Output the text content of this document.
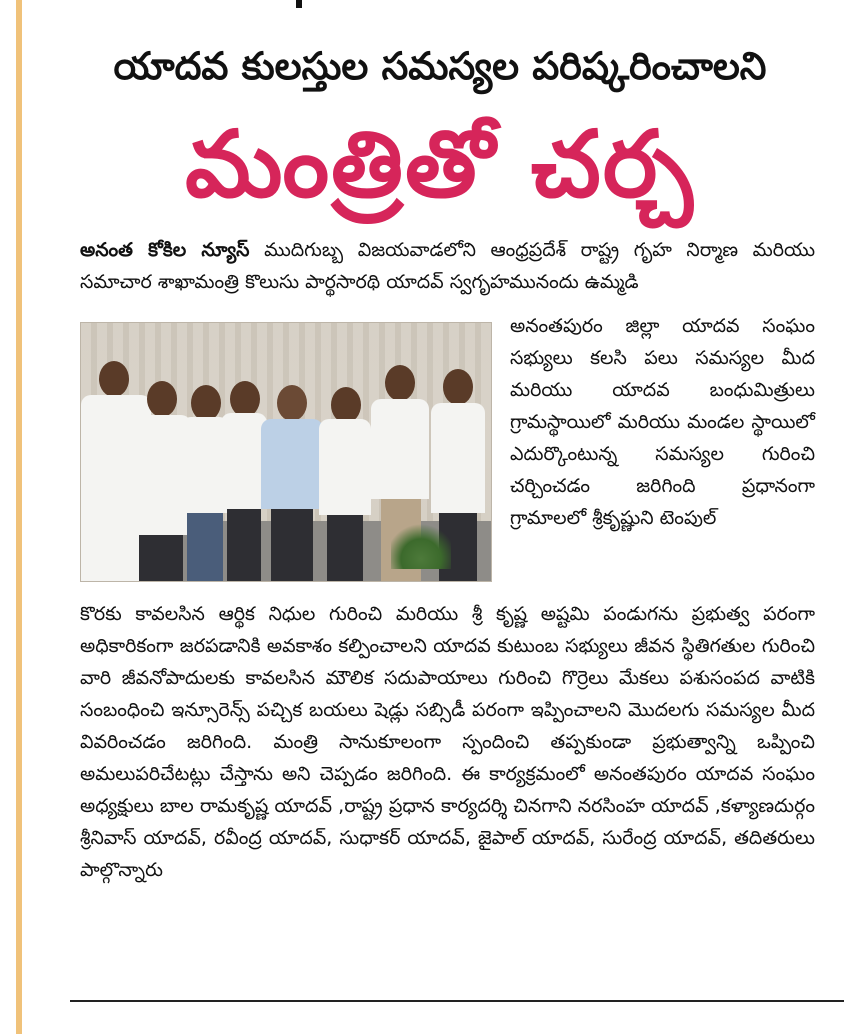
యాదవ కులస్తుల సమస్యల పరిష్కరించాలని
మంత్రితో చర్చ
అనంత కోకిల న్యూస్ ముదిగుబ్బ విజయవాడలోని ఆంధ్రప్రదేశ్ రాష్ట్ర గృహ నిర్మాణ మరియు సమాచార శాఖామంత్రి కొలుసు పార్థసారథి యాదవ్ స్వగృహమునందు ఉమ్మడి
అనంతపురం జిల్లా యాదవ సంఘం సభ్యులు కలసి పలు సమస్యల మీద మరియు యాదవ బంధుమిత్రులు గ్రామస్థాయిలో మరియు మండల స్థాయిలో ఎదుర్కొంటున్న సమస్యల గురించి చర్చించడం జరిగింది ప్రధానంగా గ్రామాలలో శ్రీకృష్ణుని టెంపుల్
కొరకు కావలసిన ఆర్థిక నిధుల గురించి మరియు శ్రీ కృష్ణ అష్టమి పండుగను ప్రభుత్వ పరంగా అధికారికంగా జరపడానికి అవకాశం కల్పించాలని యాదవ కుటుంబ సభ్యులు జీవన స్థితిగతుల గురించి వారి జీవనోపాదులకు కావలసిన మౌలిక సదుపాయాలు గురించి గొర్రెలు మేకలు పశుసంపద వాటికి సంబంధించి ఇన్సూరెన్స్ పచ్చిక బయలు షెడ్లు సబ్సిడీ పరంగా ఇప్పించాలని మొదలగు సమస్యల మీద వివరించడం జరిగింది. మంత్రి సానుకూలంగా స్పందించి తప్పకుండా ప్రభుత్వాన్ని ఒప్పించి అమలుపరిచేటట్లు చేస్తాను అని చెప్పడం జరిగింది. ఈ కార్యక్రమంలో అనంతపురం యాదవ సంఘం అధ్యక్షులు బాల రామకృష్ణ యాదవ్ ,రాష్ట్ర ప్రధాన కార్యదర్శి చినగాని నరసింహ యాదవ్ ,కళ్యాణదుర్గం శ్రీనివాస్ యాదవ్, రవీంద్ర యాదవ్, సుధాకర్ యాదవ్, జైపాల్ యాదవ్, సురేంద్ర యాదవ్, తదితరులు పాల్గొన్నారు
